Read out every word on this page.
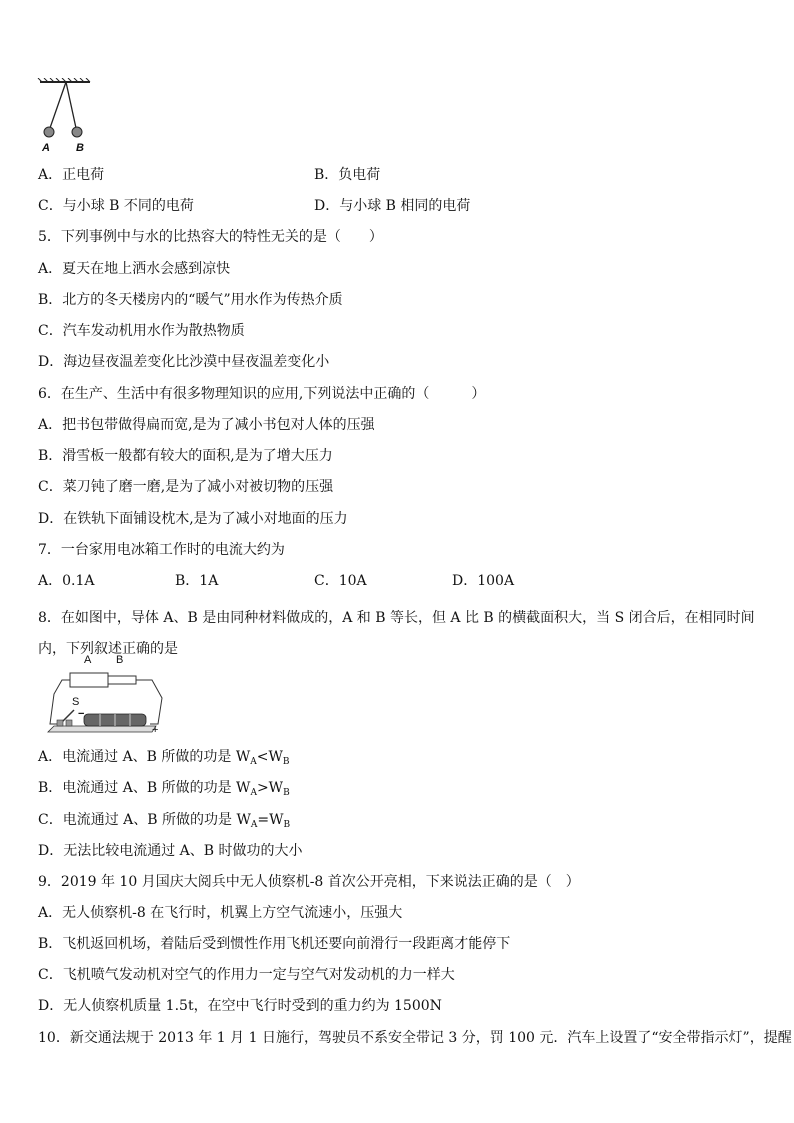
A B
A．正电荷	B．负电荷
C．与小球 B 不同的电荷	D．与小球 B 相同的电荷
5．下列事例中与水的比热容大的特性无关的是（　　）
A．夏天在地上洒水会感到凉快
B．北方的冬天楼房内的“暖气”用水作为传热介质
C．汽车发动机用水作为散热物质
D．海边昼夜温差变化比沙漠中昼夜温差变化小
6．在生产、生活中有很多物理知识的应用,下列说法中正确的（　　　）
A．把书包带做得扁而宽,是为了减小书包对人体的压强
B．滑雪板一般都有较大的面积,是为了增大压力
C．菜刀钝了磨一磨,是为了减小对被切物的压强
D．在铁轨下面铺设枕木,是为了减小对地面的压力
7．一台家用电冰箱工作时的电流大约为
A．0.1A	B．1A	C．10A	D．100A
8．在如图中，导体 A、B 是由同种材料做成的，A 和 B 等长，但 A 比 B 的横截面积大，当 S 闭合后，在相同时间内，下列叙述正确的是
A B
S
−
+
A．电流通过 A、B 所做的功是 $W_A<W_B$
B．电流通过 A、B 所做的功是 $W_A>W_B$
C．电流通过 A、B 所做的功是 $W_A=W_B$
D．无法比较电流通过 A、B 时做功的大小
9．2019 年 10 月国庆大阅兵中无人侦察机-8 首次公开亮相，下来说法正确的是（　）
A．无人侦察机-8 在飞行时，机翼上方空气流速小，压强大
B．飞机返回机场，着陆后受到惯性作用飞机还要向前滑行一段距离才能停下
C．飞机喷气发动机对空气的作用力一定与空气对发动机的力一样大
D．无人侦察机质量 1.5t，在空中飞行时受到的重力约为 1500N
10．新交通法规于 2013 年 1 月 1 日施行，驾驶员不系安全带记 3 分，罚 100 元．汽车上设置了“安全带指示灯”，提醒
